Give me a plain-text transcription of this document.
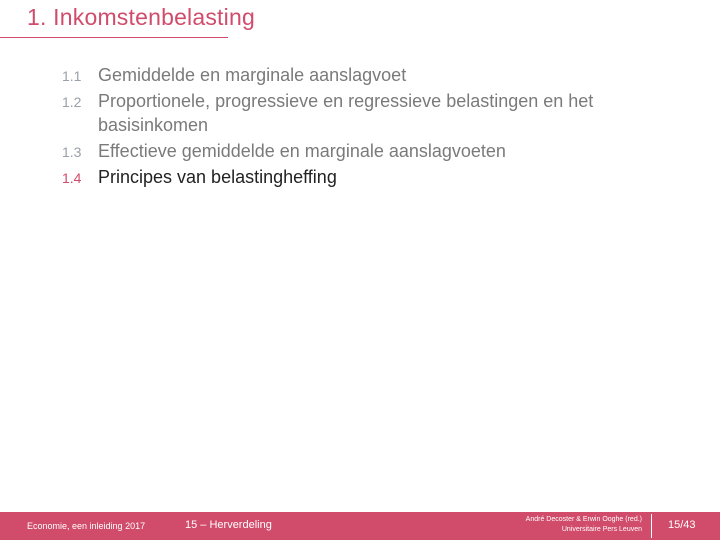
1. Inkomstenbelasting
1.1 Gemiddelde en marginale aanslagvoet
1.2 Proportionele, progressieve en regressieve belastingen en het basisinkomen
1.3 Effectieve gemiddelde en marginale aanslagvoeten
1.4 Principes van belastingheffing
Economie, een inleiding 2017	15 – Herverdeling	André Decoster & Erwin Ooghe (red.)
Universitaire Pers Leuven 15/43
